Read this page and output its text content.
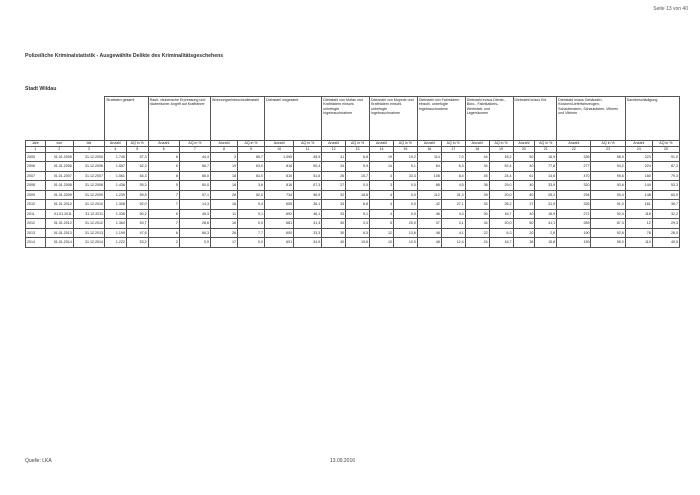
Seite 13 von 40
Polizeiliche Kriminalstatistik - Ausgewählte Delikte des Kriminalitätsgeschehens
Stadt Wildau
			Straftaten gesamt		Raub, räuberische Erpressung und räuberischer Angriff auf Kraftfahrer		Wohnungseinbruchsdiebstahl		Diebstahl insgesamt		Diebstahl von Mofas und Krafträdern einschl. unbefugte Ingebrauchnahme		Diebstahl von Mopeds und Krafträdern einschl. unbefugte Ingebrauchnahme		Diebstahl von Fahrrädern einschl. unbefugte Ingebrauchnahme		Diebstahl in/aus Dienst-, Büro-, Fabrikations-, Werkstatt- und Lagerräumen		Diebstahl in/aus Kfz		Diebstahl in/aus Gebäuden, Kiosken/Lieferfahrzeugen, Schaufenstern, Schaukästen, Vitrinen und Vitrinen		Sachbeschädigung	
Jahr	von	bis	Anzahl	AQ in %	Anzahl	AQ in %	Anzahl	AQ in %	Anzahl	AQ in %	Anzahl	AQ in %	Anzahl	AQ in %	Anzahl	AQ in %	Anzahl	AQ in %	Anzahl	AQ in %	Anzahl	AQ in %	Anzahl	AQ in %
1	2	3	4	5	6	7	8	9	10	11	12	13	14	15	16	17	18	19	20	21	22	23	24	25
2005	01.01.2005	31.12.2005	1.745	57,3	8	44,4	3	85,7	1.095	45,9	41	6,8	19	19,2	114	7,0	44	18,2	50	16,9	336	58,9	223	91,0
2006	01.01.2006	31.12.2006	1.557	62,3	6	66,7	19	63,0	818	50,4	34	5,9	14	9,1	64	6,3	34	52,4	40	77,8	277	94,2	224	87,3
2007	01.01.2007	31.12.2007	1.561	64,3	8	66,0	18	63,0	810	51,6	26	15,7	3	33,3	108	8,4	45	24,4	61	14,6	470	95,6	180	79,3
2008	01.01.2008	31.12.2008	1.438	55,3	5	60,0	18	3,6	818	57,3	27	0,0	3	0,0	88	4,5	38	29,0	40	33,9	320	93,6	144	53,3
2009	01.01.2009	31.12.2009	1.239	59,5	7	57,1	26	52,0	734	56,9	32	18,8	4	0,0	112	31,3	39	20,0	40	25,2	294	93,4	148	63,0
2010	01.01.2010	31.12.2010	1.308	52,0	7	14,3	16	9,4	655	36,1	34	8,8	4	0,0	42	27,1	34	26,2	27	31,9	326	91,0	161	36,7
2011	01.01.2011	31.12.2011	1.336	50,2	6	45,3	11	9,1	692	46,1	33	9,1	4	0,0	46	4,3	30	16,7	40	16,9	271	92,4	118	32,2
2012	01.01.2012	31.12.2012	1.364	53,7	7	28,6	16	0,0	681	41,3	30	3,3	5	20,0	37	3,1	34	20,0	50	41,1	289	87,3	12	29,3
2013	01.01.2013	31.12.2013	1.199	47,6	6	66,3	26	7,7	600	33,3	30	6,5	12	13,6	48	4,1	22	6,3	20	2,6	190	92,6	78	26,0
2014	01.01.2014	31.12.2014	1.222	53,2	2	0,0	17	0,0	601	34,9	40	19,6	10	10,0	48	12,4	24	16,7	38	15,8	159	95,0	110	45,5
Quelle: LKA	13.09.2016
